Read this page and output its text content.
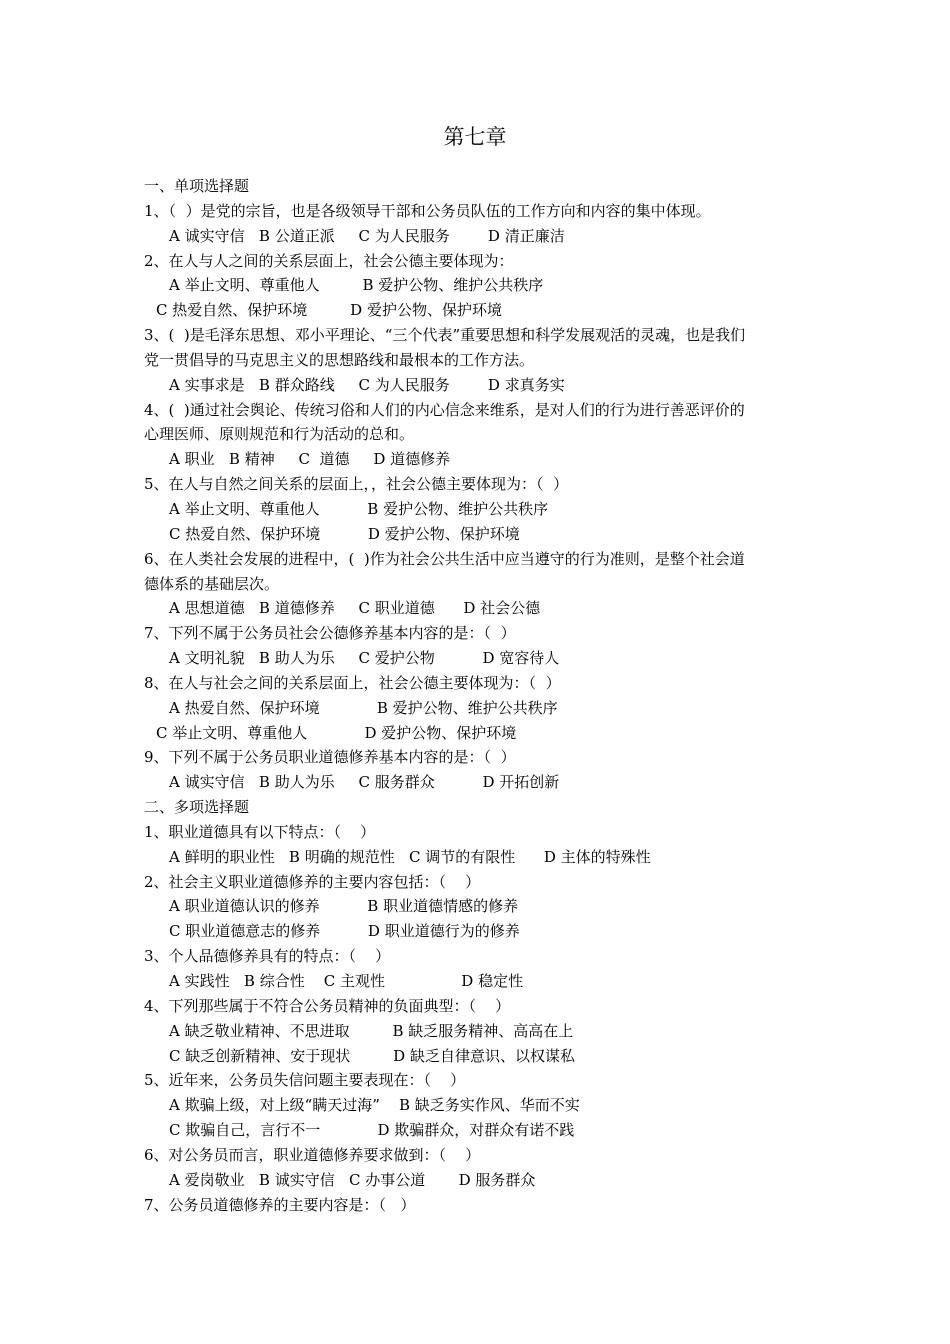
第七章
一、单项选择题
1、（  ）是党的宗旨，也是各级领导干部和公务员队伍的工作方向和内容的集中体现。
A 诚实守信   B 公道正派     C 为人民服务        D 清正廉洁
2、在人与人之间的关系层面上，社会公德主要体现为：
A 举止文明、尊重他人         B 爱护公物、维护公共秩序
C 热爱自然、保护环境         D 爱护公物、保护环境
3、(  )是毛泽东思想、邓小平理论、“三个代表”重要思想和科学发展观活的灵魂，也是我们
党一贯倡导的马克思主义的思想路线和最根本的工作方法。
A 实事求是   B 群众路线     C 为人民服务        D 求真务实
4、(  )通过社会舆论、传统习俗和人们的内心信念来维系，是对人们的行为进行善恶评价的
心理医师、原则规范和行为活动的总和。
A 职业   B 精神     C  道德     D 道德修养
5、在人与自然之间关系的层面上，，社会公德主要体现为：（  ）
A 举止文明、尊重他人          B 爱护公物、维护公共秩序
C 热爱自然、保护环境          D 爱护公物、保护环境
6、在人类社会发展的进程中，(  )作为社会公共生活中应当遵守的行为准则，是整个社会道
德体系的基础层次。
A 思想道德   B 道德修养     C 职业道德      D 社会公德
7、下列不属于公务员社会公德修养基本内容的是：（  ）
A 文明礼貌   B 助人为乐     C 爱护公物          D 宽容待人
8、在人与社会之间的关系层面上，社会公德主要体现为：（  ）
A 热爱自然、保护环境            B 爱护公物、维护公共秩序
C 举止文明、尊重他人            D 爱护公物、保护环境
9、下列不属于公务员职业道德修养基本内容的是：（  ）
A 诚实守信   B 助人为乐     C 服务群众          D 开拓创新
二、多项选择题
1、职业道德具有以下特点：（    ）
A 鲜明的职业性   B 明确的规范性   C 调节的有限性      D 主体的特殊性
2、社会主义职业道德修养的主要内容包括：（    ）
A 职业道德认识的修养          B 职业道德情感的修养
C 职业道德意志的修养          D 职业道德行为的修养
3、个人品德修养具有的特点：（    ）
A 实践性   B 综合性    C 主观性                D 稳定性
4、下列那些属于不符合公务员精神的负面典型：（    ）
A 缺乏敬业精神、不思进取         B 缺乏服务精神、高高在上
C 缺乏创新精神、安于现状         D 缺乏自律意识、以权谋私
5、近年来，公务员失信问题主要表现在：（    ）
A 欺骗上级，对上级“瞒天过海”    B 缺乏务实作风、华而不实
C 欺骗自己，言行不一            D 欺骗群众，对群众有诺不践
6、对公务员而言，职业道德修养要求做到：（    ）
A 爱岗敬业   B 诚实守信   C 办事公道       D 服务群众
7、公务员道德修养的主要内容是：（   ）
